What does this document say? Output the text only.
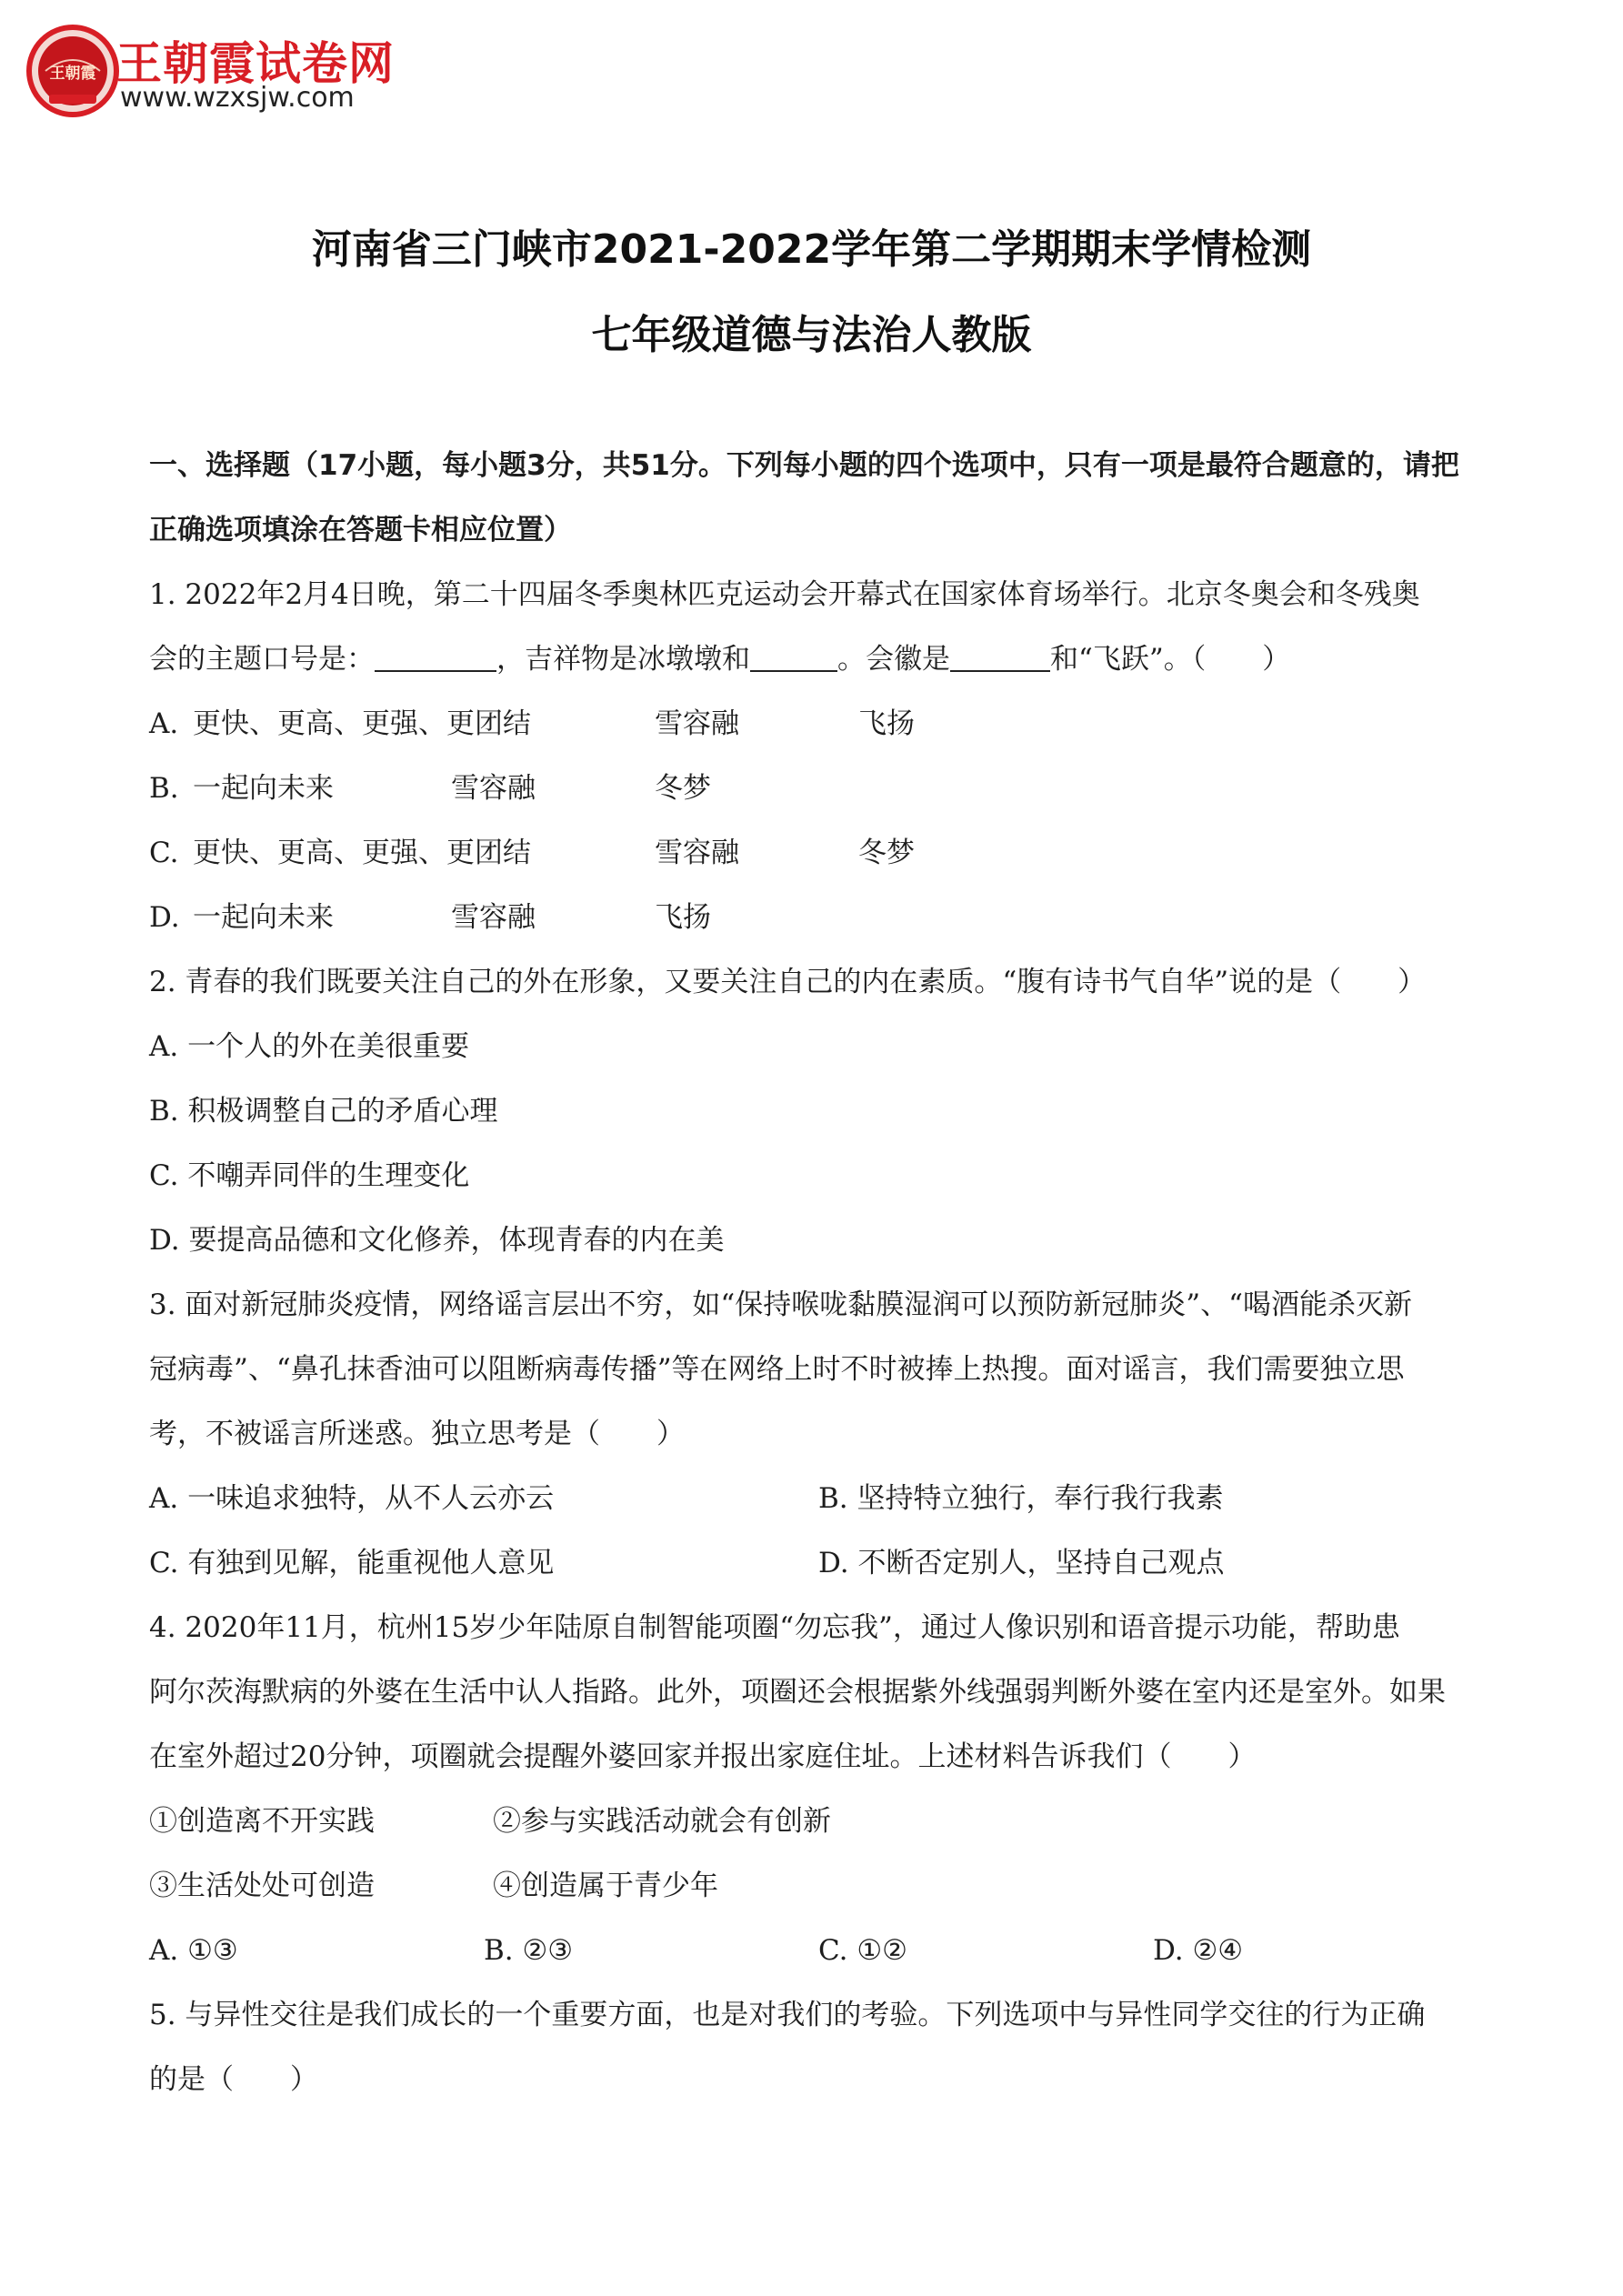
王朝霞 王朝霞试卷网
www.wzxsjw.com
河南省三门峡市2021-2022学年第二学期期末学情检测
七年级道德与法治人教版
一、选择题（17小题，每小题3分，共51分。下列每小题的四个选项中，只有一项是最符合题意的，请把
正确选项填涂在答题卡相应位置）
1. 2022年2月4日晚，第二十四届冬季奥林匹克运动会开幕式在国家体育场举行。北京冬奥会和冬残奥
会的主题口号是：	，吉祥物是冰墩墩和	。会徽是	和“飞跃”。（　　）
A. 更快、更高、更强、更团结	雪容融	飞扬
B. 一起向未来	雪容融	冬梦
C. 更快、更高、更强、更团结	雪容融	冬梦
D. 一起向未来	雪容融	飞扬
2. 青春的我们既要关注自己的外在形象，又要关注自己的内在素质。“腹有诗书气自华”说的是（　　）
A. 一个人的外在美很重要
B. 积极调整自己的矛盾心理
C. 不嘲弄同伴的生理变化
D. 要提高品德和文化修养，体现青春的内在美
3. 面对新冠肺炎疫情，网络谣言层出不穷，如“保持喉咙黏膜湿润可以预防新冠肺炎”、“喝酒能杀灭新
冠病毒”、“鼻孔抹香油可以阻断病毒传播”等在网络上时不时被捧上热搜。面对谣言，我们需要独立思
考，不被谣言所迷惑。独立思考是（　　）
A. 一味追求独特，从不人云亦云	B. 坚持特立独行，奉行我行我素
C. 有独到见解，能重视他人意见	D. 不断否定别人，坚持自己观点
4. 2020年11月，杭州15岁少年陆原自制智能项圈“勿忘我”，通过人像识别和语音提示功能，帮助患
阿尔茨海默病的外婆在生活中认人指路。此外，项圈还会根据紫外线强弱判断外婆在室内还是室外。如果
在室外超过20分钟，项圈就会提醒外婆回家并报出家庭住址。上述材料告诉我们（　　）
①创造离不开实践	②参与实践活动就会有创新
③生活处处可创造	④创造属于青少年
A. ①③	B. ②③	C. ①②	D. ②④
5. 与异性交往是我们成长的一个重要方面，也是对我们的考验。下列选项中与异性同学交往的行为正确
的是（　　）
